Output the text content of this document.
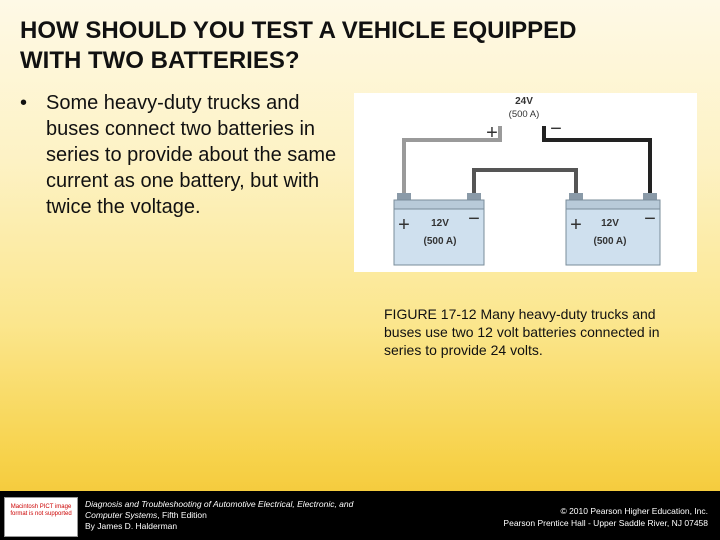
HOW SHOULD YOU TEST A VEHICLE EQUIPPED
WITH TWO BATTERIES?
• Some heavy-duty trucks and buses connect two batteries in series to provide about the same current as one battery, but with twice the voltage.
24V
(500 A)
+	−
+	−
12V
(500 A)
+	−
12V
(500 A)
FIGURE 17-12 Many heavy-duty trucks and buses use two 12 volt batteries connected in series to provide 24 volts.
Macintosh PICT image format is not supported
Diagnosis and Troubleshooting of Automotive Electrical, Electronic, and Computer Systems, Fifth Edition
By James D. Halderman
© 2010 Pearson Higher Education, Inc.
Pearson Prentice Hall - Upper Saddle River, NJ 07458
